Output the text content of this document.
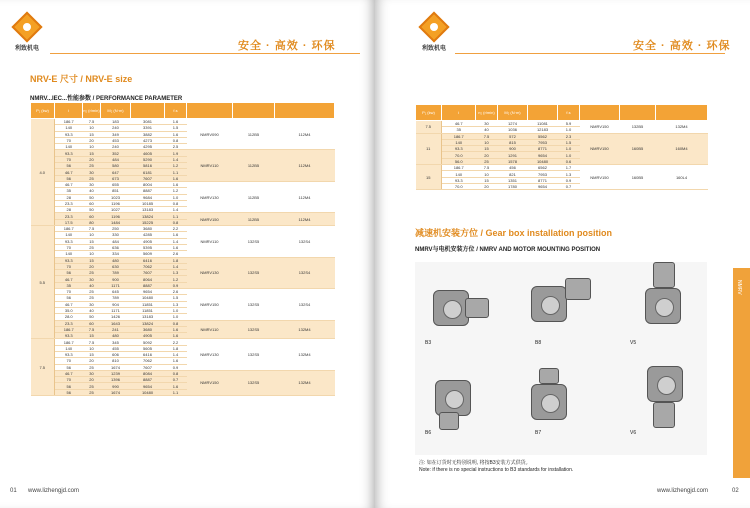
利致机电	安全 · 高效 · 环保
NRV-E 尺寸 / NRV-E size
NMRV...IEC...性能参数 / PERFORMANCE PARAMETER
P₁ (kw)	i	n₂ (r/min)	M₂ (N·m)		f.s			
4.0	186.7	7.5	183	3081	1.6	NMRV090	112B5	112M4
	140	10	240	3391	1.5			
	93.3	15	349	3882	1.6			
	70	20	453	4273	0.8			
	140	10	240	4295	2.5			
	93.3	15	352	4605	1.9	NMRV110	112B5	112M4
	70	20	484	5290	1.4			
	56	25	580	5816	1.2			
	46.7	30	647	6181	1.1			
	56	25	673	7607	1.6			
	46.7	30	655	8004	1.6	NMRV130	112B5	112M4
	35	40	851	8887	1.2			
	28	50	1023	9684	1.0			
	23.3	60	1196	10185	0.8			
	28	50	1027	13183	1.4			
	23.3	60	1196	13824	1.1	NMRV150	112B5	112M4
	17.5	80	1484	15225	0.8			
5.5	186.7	7.5	250	3680	2.2	NMRV110	132S5	132S4
	140	10	330	4285	1.6			
	93.3	15	484	4905	1.4			
	70	25	636	5395	1.6			
	140	10	334	5609	2.6			
	93.3	15	480	6416	1.8	NMRV130	132S5	132S4
	70	20	630	7062	1.4			
	56	25	789	7607	1.3			
	46.7	30	900	8064	1.2			
	35	40	1171	8887	0.9			
	70	25	645	9654	2.6	NMRV150	132S5	132S4
	56	25	789	10480	1.5			
	46.7	30	904	11851	1.3			
	35.0	40	1171	11851	1.0			
	28.0	50	1426	13183	1.0			
	23.3	60	1643	13824	0.8	NMRV110	132S5	132M4
	186.7	7.5	241	3680	1.6			
	93.3	15	480	4905	1.6			
7.5	186.7	7.5	345	5092	2.2	NMRV130	132S5	132M4
	140	10	455	5605	1.8			
	93.3	15	606	6416	1.4			
	70	20	810	7062	1.6			
	56	25	1674	7607	0.9			
	46.7	30	1239	8084	0.8	NMRV150	132S5	132M4
	70	20	1396	8887	0.7			
	56	25	990	9654	1.6			
	56	25	1674	10480	1.1			
01 www.lizhengjd.com
利致机电	安全 · 高效 · 环保
P₁ (kw)	i	n₂ (r/min)	M₂ (N·m)		f.s			
7.5	46.7	30	1274	11081	5.9	NMRV150	132B5	132M4
	35	40	1036	12183	1.0			
11	186.7	7.5	572	5562	2.3	NMRV150	160B5	160M4
	140	10	815	7953	1.5			
	93.3	15	900	8771	1.0			
	70.0	20	1291	9654	1.0			
	56.0	25	1578	10480	0.6			
15	186.7	7.5	456	6562	1.7	NMRV150	160B5	160L4
	140	10	821	7953	1.3			
	93.3	15	1351	8771	0.9			
	70.0	20	1780	9654	0.7			
减速机安装方位 / Gear box installation position
NMRV与电机安装方位 / NMRV AND MOTOR MOUNTING POSITION
B3	B8	V5
B6	B7	V6
注: 如在订货时无特别说明, 将按B3安装方式供货。
Note: if there is no special instructions to B3 standards for installation.
www.lizhengjd.com	02
NMRV
